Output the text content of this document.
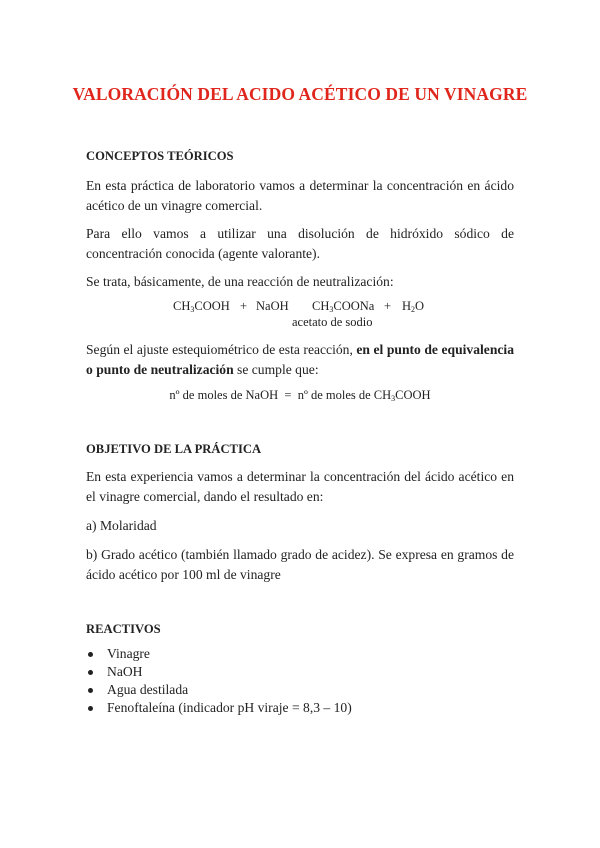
VALORACIÓN DEL ACIDO ACÉTICO DE UN VINAGRE

CONCEPTOS TEÓRICOS

En esta práctica de laboratorio vamos a determinar la concentración en ácido acético de un vinagre comercial.

Para ello vamos a utilizar una disolución de hidróxido sódico de concentración conocida (agente valorante).

Se trata, básicamente, de una reacción de neutralización:

$CH_3COOH$ + NaOH $CH_3COONa + H_2O$
acetato de sodio

Según el ajuste estequiométrico de esta reacción, en el punto de equivalencia o punto de neutralización se cumple que:

nº de moles de NaOH = nº de moles de $CH_3COOH$

OBJETIVO DE LA PRÁCTICA

En esta experiencia vamos a determinar la concentración del ácido acético en el vinagre comercial, dando el resultado en:

a) Molaridad

b) Grado acético (también llamado grado de acidez). Se expresa en gramos de ácido acético por 100 ml de vinagre

REACTIVOS

Vinagre
NaOH
Agua destilada
Fenoftaleína (indicador pH viraje = 8,3 – 10)
